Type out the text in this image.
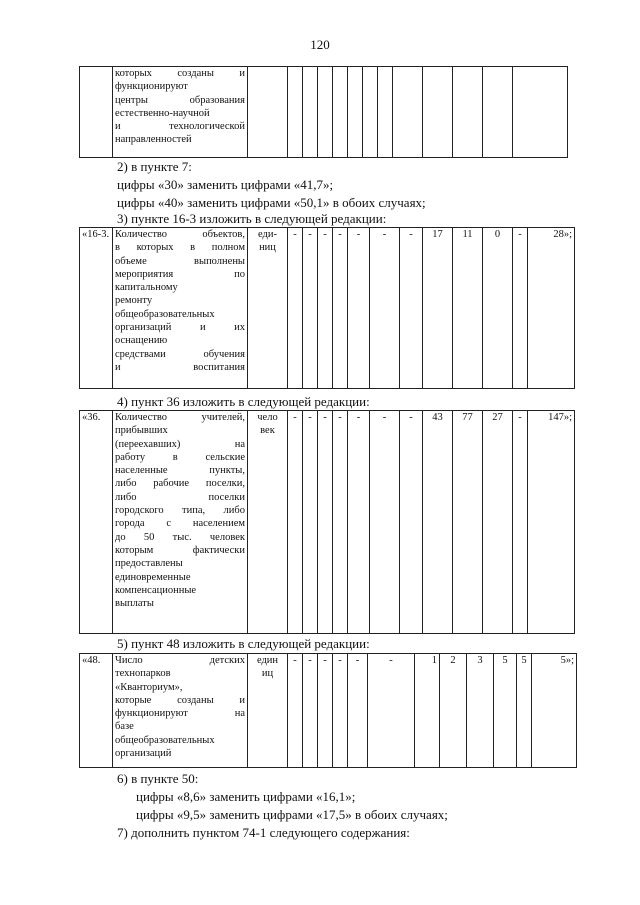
120

которых созданы и
функционируют
центры образования
естественно-научной
и технологической
направленностей

2) в пункте 7:
цифры «30» заменить цифрами «41,7»;
цифры «40» заменить цифрами «50,1» в обоих случаях;
3) пункте 16-3 изложить в следующей редакции:
«16-3.	Количество объектов,
в которых в полном
объеме выполнены
мероприятия по
капитальному
ремонту
общеобразовательных
организаций и их
оснащению
средствами обучения
и воспитания

еди-
ниц
	-	-	-	-	-	-	-	17	11	0	-	28»;
4) пункт 36 изложить в следующей редакции:
«36.	Количество учителей,
прибывших
(переехавших) на
работу в сельские
населенные пункты,
либо рабочие поселки,
либо поселки
городского типа, либо
города с населением
до 50 тыс. человек
которым фактически
предоставлены
единовременные
компенсационные
выплаты

чело
век
	-	-	-	-	-	-	-	43	77	27	-	147»;
5) пункт 48 изложить в следующей редакции:
«48.	Число детских
технопарков
«Кванториум»,
которые созданы и
функционируют на
базе
общеобразовательных
организаций

един
иц
	-	-	-	-	-	-	1	2	3	5	5	5»;
6) в пункте 50:
цифры «8,6» заменить цифрами «16,1»;
цифры «9,5» заменить цифрами «17,5» в обоих случаях;
7) дополнить пунктом 74-1 следующего содержания:
